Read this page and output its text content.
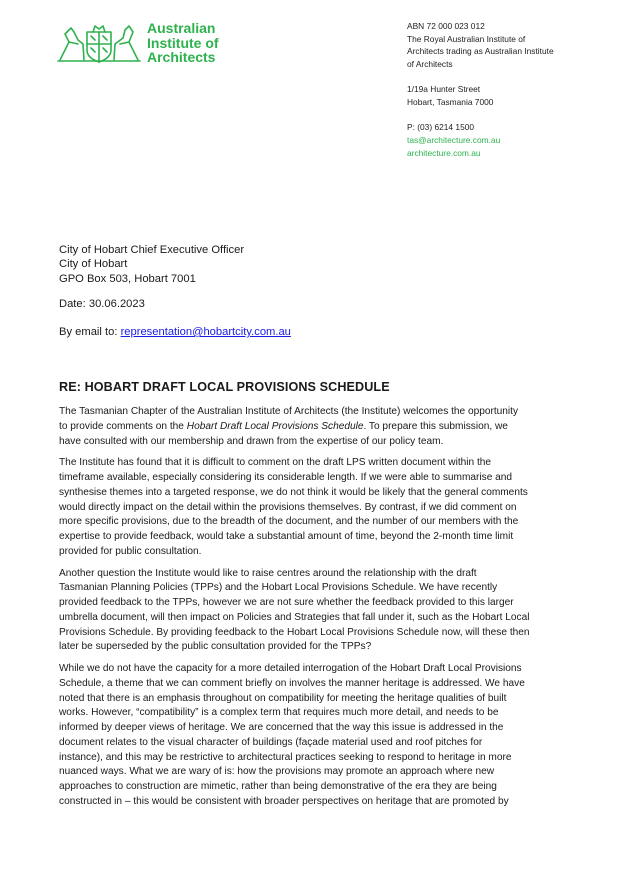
Australian
Institute of
Architects
ABN 72 000 023 012
The Royal Australian Institute of
Architects trading as Australian Institute
of Architects
1/19a Hunter Street
Hobart, Tasmania 7000
P: (03) 6214 1500
tas@architecture.com.au
architecture.com.au
City of Hobart Chief Executive Officer
City of Hobart
GPO Box 503, Hobart 7001
Date: 30.06.2023
By email to: representation@hobartcity.com.au
RE: HOBART DRAFT LOCAL PROVISIONS SCHEDULE

The Tasmanian Chapter of the Australian Institute of Architects (the Institute) welcomes the opportunity
to provide comments on the Hobart Draft Local Provisions Schedule. To prepare this submission, we
have consulted with our membership and drawn from the expertise of our policy team.

The Institute has found that it is difficult to comment on the draft LPS written document within the
timeframe available, especially considering its considerable length. If we were able to summarise and
synthesise themes into a targeted response, we do not think it would be likely that the general comments
would directly impact on the detail within the provisions themselves. By contrast, if we did comment on
more specific provisions, due to the breadth of the document, and the number of our members with the
expertise to provide feedback, would take a substantial amount of time, beyond the 2-month time limit
provided for public consultation.

Another question the Institute would like to raise centres around the relationship with the draft
Tasmanian Planning Policies (TPPs) and the Hobart Local Provisions Schedule. We have recently
provided feedback to the TPPs, however we are not sure whether the feedback provided to this larger
umbrella document, will then impact on Policies and Strategies that fall under it, such as the Hobart Local
Provisions Schedule. By providing feedback to the Hobart Local Provisions Schedule now, will these then
later be superseded by the public consultation provided for the TPPs?

While we do not have the capacity for a more detailed interrogation of the Hobart Draft Local Provisions
Schedule, a theme that we can comment briefly on involves the manner heritage is addressed. We have
noted that there is an emphasis throughout on compatibility for meeting the heritage qualities of built
works. However, “compatibility” is a complex term that requires much more detail, and needs to be
informed by deeper views of heritage. We are concerned that the way this issue is addressed in the
document relates to the visual character of buildings (façade material used and roof pitches for
instance), and this may be restrictive to architectural practices seeking to respond to heritage in more
nuanced ways. What we are wary of is: how the provisions may promote an approach where new
approaches to construction are mimetic, rather than being demonstrative of the era they are being
constructed in – this would be consistent with broader perspectives on heritage that are promoted by
